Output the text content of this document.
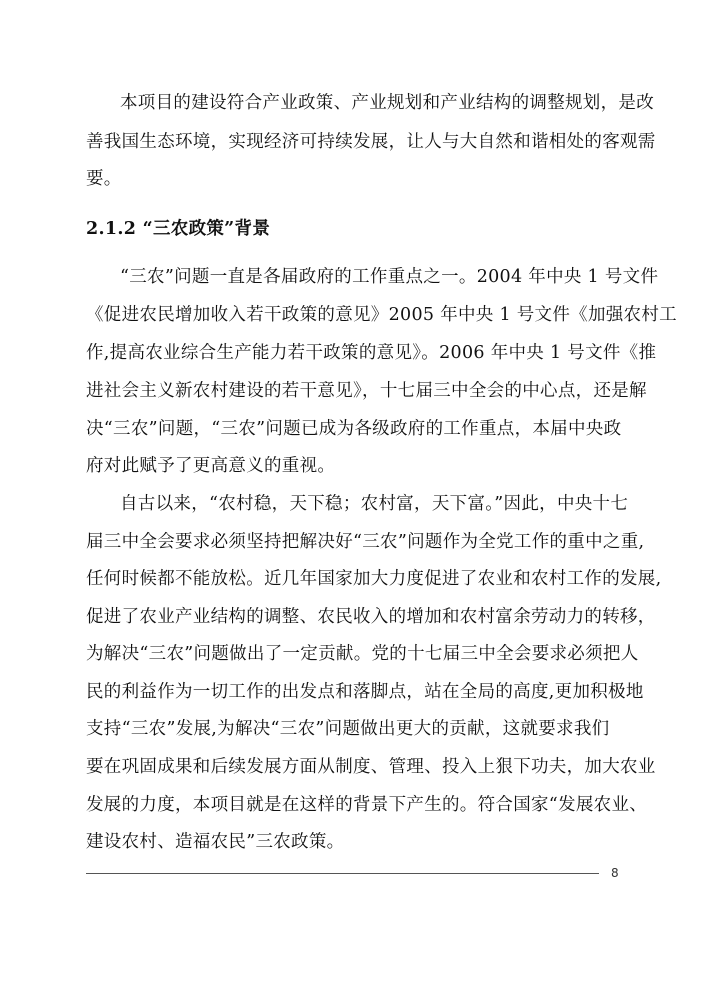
本项目的建设符合产业政策、产业规划和产业结构的调整规划，是改
善我国生态环境，实现经济可持续发展，让人与大自然和谐相处的客观需
要。
2.1.2 “三农政策”背景
“三农”问题一直是各届政府的工作重点之一。2004 年中央 1 号文件
《促进农民增加收入若干政策的意见》2005 年中央 1 号文件《加强农村工
作,提高农业综合生产能力若干政策的意见》。2006 年中央 1 号文件《推
进社会主义新农村建设的若干意见》，十七届三中全会的中心点，还是解
决“三农”问题，“三农”问题已成为各级政府的工作重点，本届中央政
府对此赋予了更高意义的重视。
自古以来，“农村稳，天下稳；农村富，天下富。”因此，中央十七
届三中全会要求必须坚持把解决好“三农”问题作为全党工作的重中之重,
任何时候都不能放松。近几年国家加大力度促进了农业和农村工作的发展,
促进了农业产业结构的调整、农民收入的增加和农村富余劳动力的转移，
为解决“三农”问题做出了一定贡献。党的十七届三中全会要求必须把人
民的利益作为一切工作的出发点和落脚点，站在全局的高度,更加积极地
支持“三农”发展,为解决“三农”问题做出更大的贡献，这就要求我们
要在巩固成果和后续发展方面从制度、管理、投入上狠下功夫，加大农业
发展的力度，本项目就是在这样的背景下产生的。符合国家“发展农业、
建设农村、造福农民”三农政策。
8
